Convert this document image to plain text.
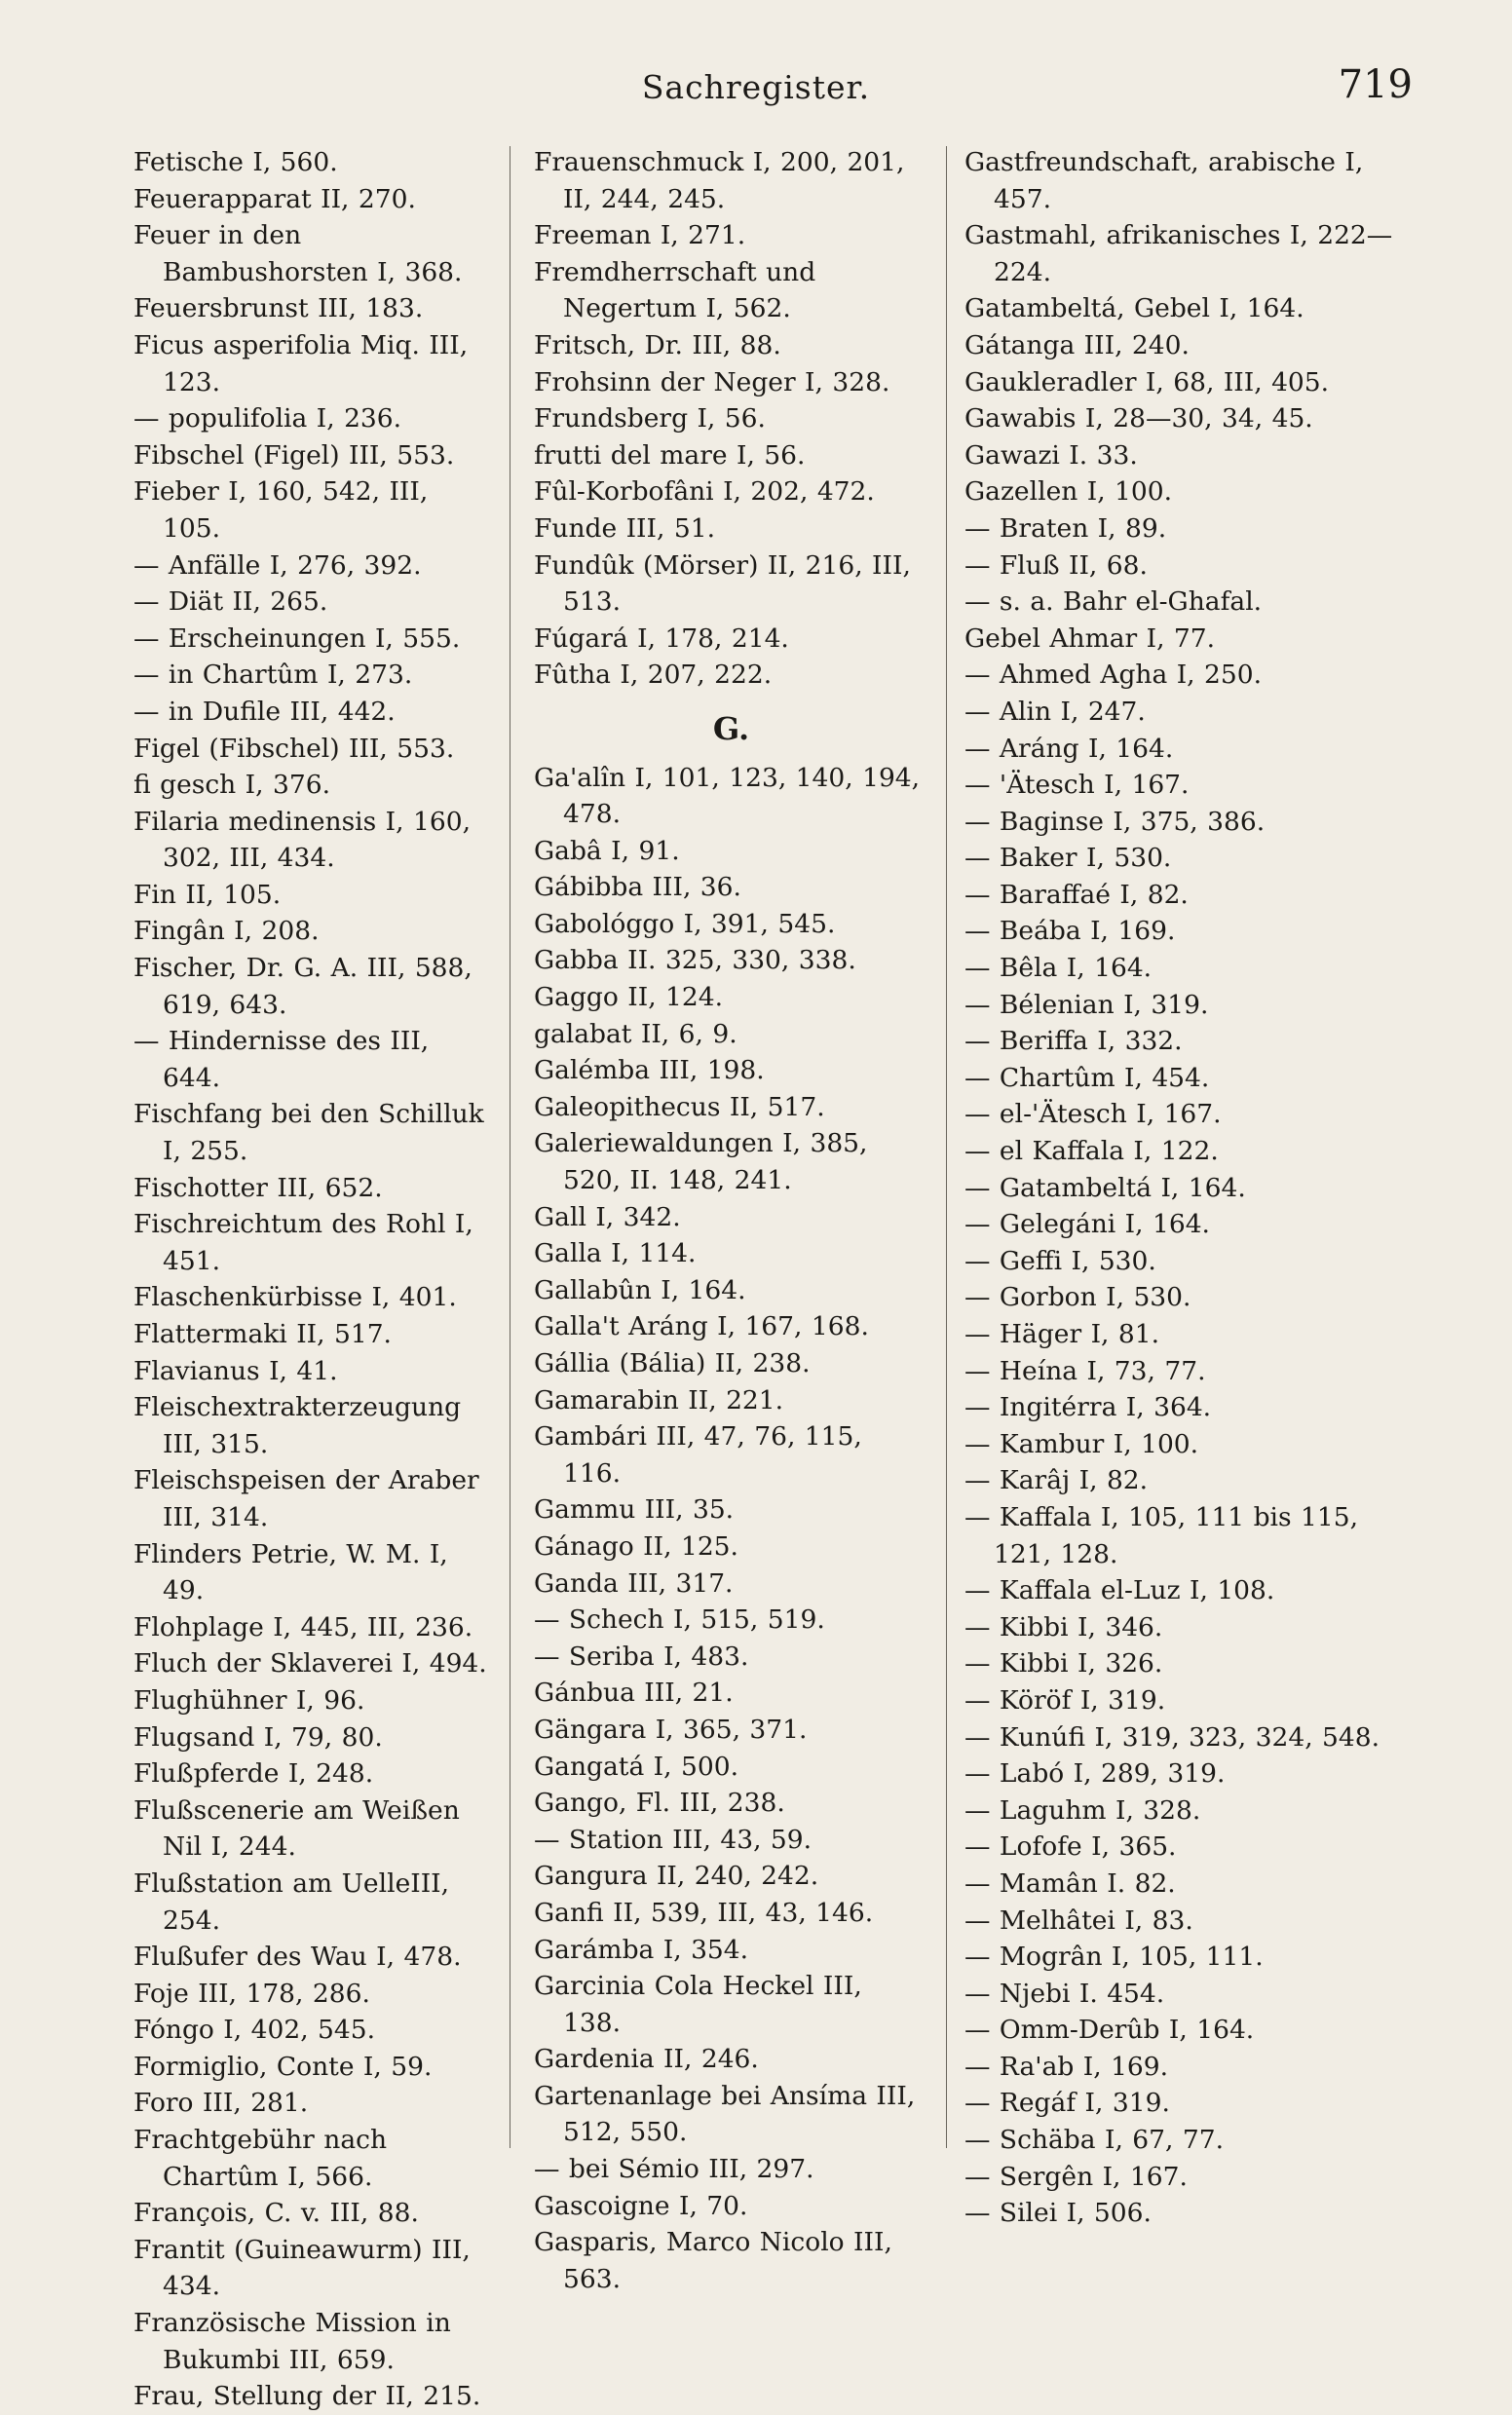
Sachregister.	719
Fetische I, 560.
Feuerapparat II, 270.
Feuer in den Bambushorsten I, 368.
Feuersbrunst III, 183.
Ficus asperifolia Miq. III, 123.
— populifolia I, 236.
Fibschel (Figel) III, 553.
Fieber I, 160, 542, III, 105.
— Anfälle I, 276, 392.
— Diät II, 265.
— Erscheinungen I, 555.
— in Chartûm I, 273.
— in Dufile III, 442.
Figel (Fibschel) III, 553.
fi gesch I, 376.
Filaria medinensis I, 160, 302, III, 434.
Fin II, 105.
Fingân I, 208.
Fischer, Dr. G. A. III, 588, 619, 643.
— Hindernisse des III, 644.
Fischfang bei den Schilluk I, 255.
Fischotter III, 652.
Fischreichtum des Rohl I, 451.
Flaschenkürbisse I, 401.
Flattermaki II, 517.
Flavianus I, 41.
Fleischextrakterzeugung III, 315.
Fleischspeisen der Araber III, 314.
Flinders Petrie, W. M. I, 49.
Flohplage I, 445, III, 236.
Fluch der Sklaverei I, 494.
Flughühner I, 96.
Flugsand I, 79, 80.
Flußpferde I, 248.
Flußscenerie am Weißen Nil I, 244.
Flußstation am UelleIII, 254.
Flußufer des Wau I, 478.
Foje III, 178, 286.
Fóngo I, 402, 545.
Formiglio, Conte I, 59.
Foro III, 281.
Frachtgebühr nach Chartûm I, 566.
François, C. v. III, 88.
Frantit (Guineawurm) III, 434.
Französische Mission in Bukumbi III, 659.
Frau, Stellung der II, 215.
Frauenschmuck I, 200, 201, II, 244, 245.
Freeman I, 271.
Fremdherrschaft und Negertum I, 562.
Fritsch, Dr. III, 88.
Frohsinn der Neger I, 328.
Frundsberg I, 56.
frutti del mare I, 56.
Fûl-Korbofâni I, 202, 472.
Funde III, 51.
Fundûk (Mörser) II, 216, III, 513.
Fúgará I, 178, 214.
Fûtha I, 207, 222.
G.
Ga'alîn I, 101, 123, 140, 194, 478.
Gabâ I, 91.
Gábibba III, 36.
Gabológgo I, 391, 545.
Gabba II. 325, 330, 338.
Gaggo II, 124.
galabat II, 6, 9.
Galémba III, 198.
Galeopithecus II, 517.
Galeriewaldungen I, 385, 520, II. 148, 241.
Gall I, 342.
Galla I, 114.
Gallabûn I, 164.
Galla't Aráng I, 167, 168.
Gállia (Bália) II, 238.
Gamarabin II, 221.
Gambári III, 47, 76, 115, 116.
Gammu III, 35.
Gánago II, 125.
Ganda III, 317.
— Schech I, 515, 519.
— Seriba I, 483.
Gánbua III, 21.
Gängara I, 365, 371.
Gangatá I, 500.
Gango, Fl. III, 238.
— Station III, 43, 59.
Gangura II, 240, 242.
Ganfi II, 539, III, 43, 146.
Garámba I, 354.
Garcinia Cola Heckel III, 138.
Gardenia II, 246.
Gartenanlage bei Ansíma III, 512, 550.
— bei Sémio III, 297.
Gascoigne I, 70.
Gasparis, Marco Nicolo III, 563.
Gastfreundschaft, arabische I, 457.
Gastmahl, afrikanisches I, 222—224.
Gatambeltá, Gebel I, 164.
Gátanga III, 240.
Gaukleradler I, 68, III, 405.
Gawabis I, 28—30, 34, 45.
Gawazi I. 33.
Gazellen I, 100.
— Braten I, 89.
— Fluß II, 68.
— s. a. Bahr el-Ghafal.
Gebel Ahmar I, 77.
— Ahmed Agha I, 250.
— Alin I, 247.
— Aráng I, 164.
— 'Ätesch I, 167.
— Baginse I, 375, 386.
— Baker I, 530.
— Baraffaé I, 82.
— Beába I, 169.
— Bêla I, 164.
— Bélenian I, 319.
— Beriffa I, 332.
— Chartûm I, 454.
— el-'Ätesch I, 167.
— el Kaffala I, 122.
— Gatambeltá I, 164.
— Gelegáni I, 164.
— Geffi I, 530.
— Gorbon I, 530.
— Häger I, 81.
— Heína I, 73, 77.
— Ingitérra I, 364.
— Kambur I, 100.
— Karâj I, 82.
— Kaffala I, 105, 111 bis 115, 121, 128.
— Kaffala el-Luz I, 108.
— Kibbi I, 346.
— Kibbi I, 326.
— Köröf I, 319.
— Kunúfi I, 319, 323, 324, 548.
— Labó I, 289, 319.
— Laguhm I, 328.
— Lofofe I, 365.
— Mamân I. 82.
— Melhâtei I, 83.
— Mogrân I, 105, 111.
— Njebi I. 454.
— Omm-Derûb I, 164.
— Ra'ab I, 169.
— Regáf I, 319.
— Schäba I, 67, 77.
— Sergên I, 167.
— Silei I, 506.
